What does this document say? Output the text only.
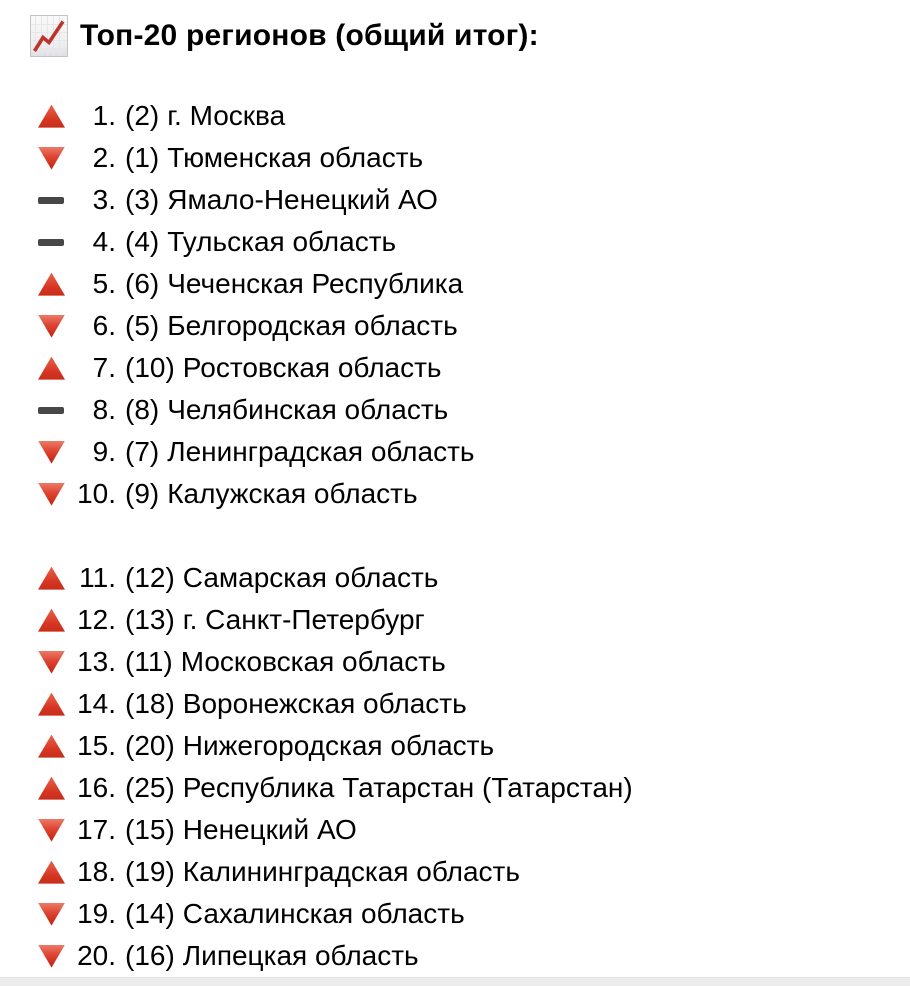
Топ-20 регионов (общий итог):
1. (2) г. Москва
2. (1) Тюменская область
3. (3) Ямало-Ненецкий АО
4. (4) Тульская область
5. (6) Чеченская Республика
6. (5) Белгородская область
7. (10) Ростовская область
8. (8) Челябинская область
9. (7) Ленинградская область
10. (9) Калужская область
11. (12) Самарская область
12. (13) г. Санкт-Петербург
13. (11) Московская область
14. (18) Воронежская область
15. (20) Нижегородская область
16. (25) Республика Татарстан (Татарстан)
17. (15) Ненецкий АО
18. (19) Калининградская область
19. (14) Сахалинская область
20. (16) Липецкая область
